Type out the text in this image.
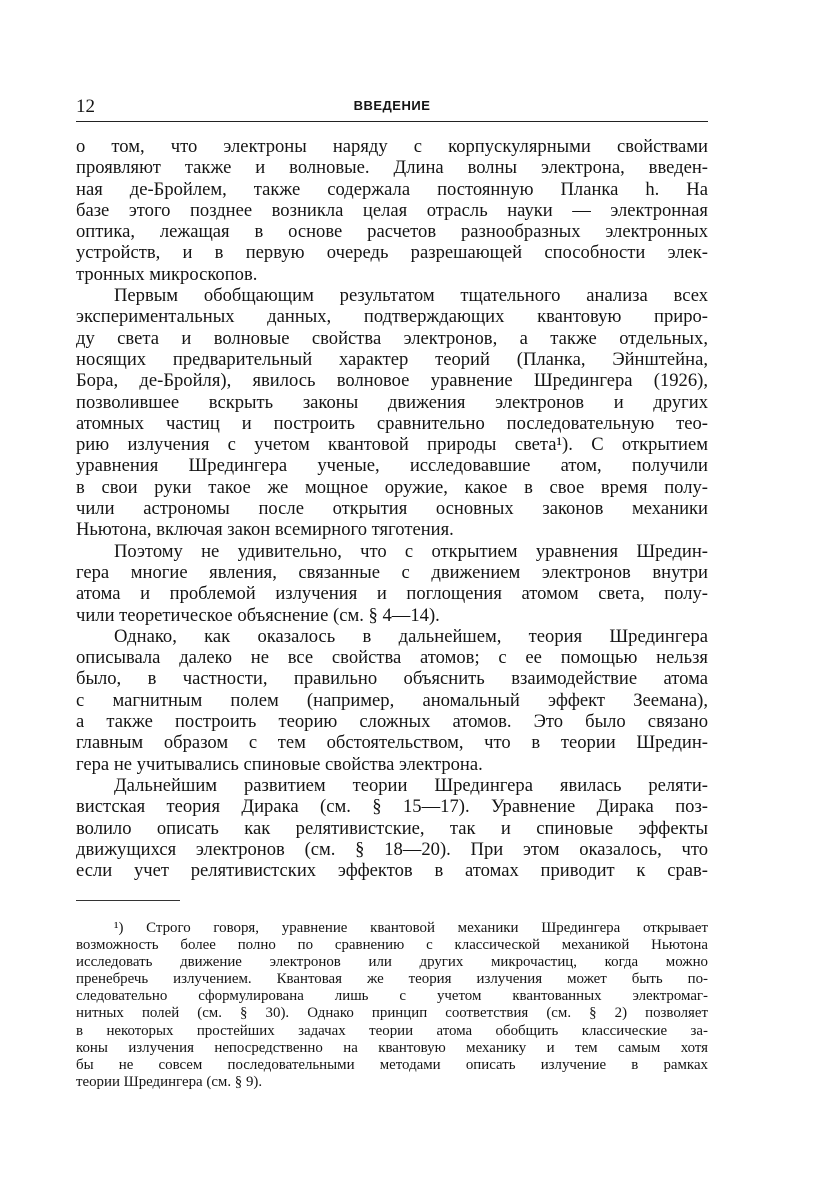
12	ВВЕДЕНИЕ

о том, что электроны наряду с корпускулярными свойствами

проявляют также и волновые. Длина волны электрона, введен-

ная де-Бройлем, также содержала постоянную Планка h. На

базе этого позднее возникла целая отрасль науки — электронная

оптика, лежащая в основе расчетов разнообразных электронных

устройств, и в первую очередь разрешающей способности элек-

тронных микроскопов.

Первым обобщающим результатом тщательного анализа всех

экспериментальных данных, подтверждающих квантовую приро-

ду света и волновые свойства электронов, а также отдельных,

носящих предварительный характер теорий (Планка, Эйнштейна,

Бора, де-Бройля), явилось волновое уравнение Шредингера (1926),

позволившее вскрыть законы движения электронов и других

атомных частиц и построить сравнительно последовательную тео-

рию излучения с учетом квантовой природы света¹). С открытием

уравнения Шредингера ученые, исследовавшие атом, получили

в свои руки такое же мощное оружие, какое в свое время полу-

чили астрономы после открытия основных законов механики

Ньютона, включая закон всемирного тяготения.

Поэтому не удивительно, что с открытием уравнения Шредин-

гера многие явления, связанные с движением электронов внутри

атома и проблемой излучения и поглощения атомом света, полу-

чили теоретическое объяснение (см. § 4—14).

Однако, как оказалось в дальнейшем, теория Шредингера

описывала далеко не все свойства атомов; с ее помощью нельзя

было, в частности, правильно объяснить взаимодействие атома

с магнитным полем (например, аномальный эффект Зеемана),

а также построить теорию сложных атомов. Это было связано

главным образом с тем обстоятельством, что в теории Шредин-

гера не учитывались спиновые свойства электрона.

Дальнейшим развитием теории Шредингера явилась реляти-

вистская теория Дирака (см. § 15—17). Уравнение Дирака поз-

волило описать как релятивистские, так и спиновые эффекты

движущихся электронов (см. § 18—20). При этом оказалось, что

если учет релятивистских эффектов в атомах приводит к срав-

¹) Строго говоря, уравнение квантовой механики Шредингера открывает

возможность более полно по сравнению с классической механикой Ньютона

исследовать движение электронов или других микрочастиц, когда можно

пренебречь излучением. Квантовая же теория излучения может быть по-

следовательно сформулирована лишь с учетом квантованных электромаг-

нитных полей (см. § 30). Однако принцип соответствия (см. § 2) позволяет

в некоторых простейших задачах теории атома обобщить классические за-

коны излучения непосредственно на квантовую механику и тем самым хотя

бы не совсем последовательными методами описать излучение в рамках

теории Шредингера (см. § 9).
